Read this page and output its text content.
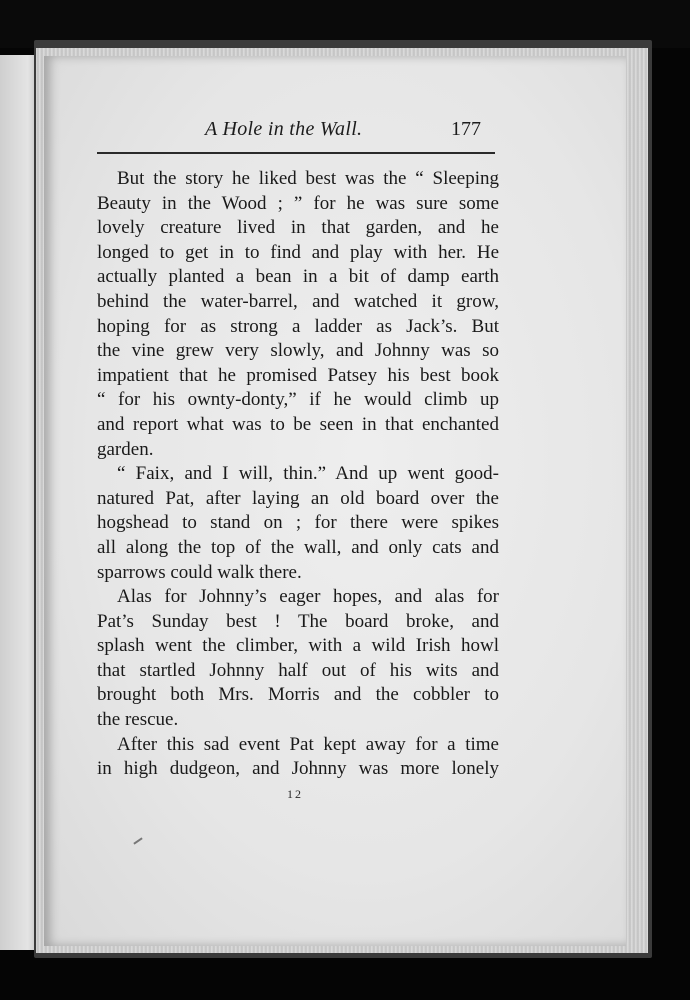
A Hole in the Wall.	177
But the story he liked best was the “ Sleeping
Beauty in the Wood ; ” for he was sure some
lovely creature lived in that garden, and he
longed to get in to find and play with her. He
actually planted a bean in a bit of damp earth
behind the water-barrel, and watched it grow,
hoping for as strong a ladder as Jack’s. But
the vine grew very slowly, and Johnny was so
impatient that he promised Patsey his best book
“ for his ownty-donty,” if he would climb up
and report what was to be seen in that enchanted
garden.
“ Faix, and I will, thin.” And up went good-
natured Pat, after laying an old board over the
hogshead to stand on ; for there were spikes
all along the top of the wall, and only cats and
sparrows could walk there.
Alas for Johnny’s eager hopes, and alas for
Pat’s Sunday best ! The board broke, and
splash went the climber, with a wild Irish howl
that startled Johnny half out of his wits and
brought both Mrs. Morris and the cobbler to
the rescue.
After this sad event Pat kept away for a time
in high dudgeon, and Johnny was more lonely
12
